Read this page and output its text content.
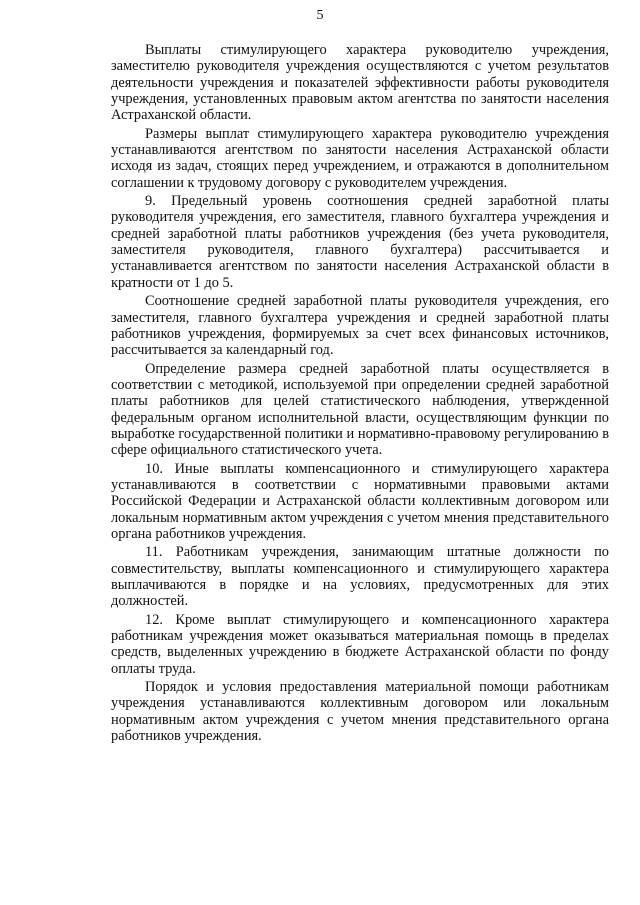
5

Выплаты стимулирующего характера руководителю учреждения, заместителю руководителя учреждения осуществляются с учетом результатов деятельности учреждения и показателей эффективности работы руководителя учреждения, установленных правовым актом агентства по занятости населения Астраханской области.

Размеры выплат стимулирующего характера руководителю учреждения устанавливаются агентством по занятости населения Астраханской области исходя из задач, стоящих перед учреждением, и отражаются в дополнительном соглашении к трудовому договору с руководителем учреждения.

9. Предельный уровень соотношения средней заработной платы руководителя учреждения, его заместителя, главного бухгалтера учреждения и средней заработной платы работников учреждения (без учета руководителя, заместителя руководителя, главного бухгалтера) рассчитывается и устанавливается агентством по занятости населения Астраханской области в кратности от 1 до 5.

Соотношение средней заработной платы руководителя учреждения, его заместителя, главного бухгалтера учреждения и средней заработной платы работников учреждения, формируемых за счет всех финансовых источников, рассчитывается за календарный год.

Определение размера средней заработной платы осуществляется в соответствии с методикой, используемой при определении средней заработной платы работников для целей статистического наблюдения, утвержденной федеральным органом исполнительной власти, осуществляющим функции по выработке государственной политики и нормативно-правовому регулированию в сфере официального статистического учета.

10. Иные выплаты компенсационного и стимулирующего характера устанавливаются в соответствии с нормативными правовыми актами Российской Федерации и Астраханской области коллективным договором или локальным нормативным актом учреждения с учетом мнения представительного органа работников учреждения.

11. Работникам учреждения, занимающим штатные должности по совместительству, выплаты компенсационного и стимулирующего характера выплачиваются в порядке и на условиях, предусмотренных для этих должностей.

12. Кроме выплат стимулирующего и компенсационного характера работникам учреждения может оказываться материальная помощь в пределах средств, выделенных учреждению в бюджете Астраханской области по фонду оплаты труда.

Порядок и условия предоставления материальной помощи работникам учреждения устанавливаются коллективным договором или локальным нормативным актом учреждения с учетом мнения представительного органа работников учреждения.
